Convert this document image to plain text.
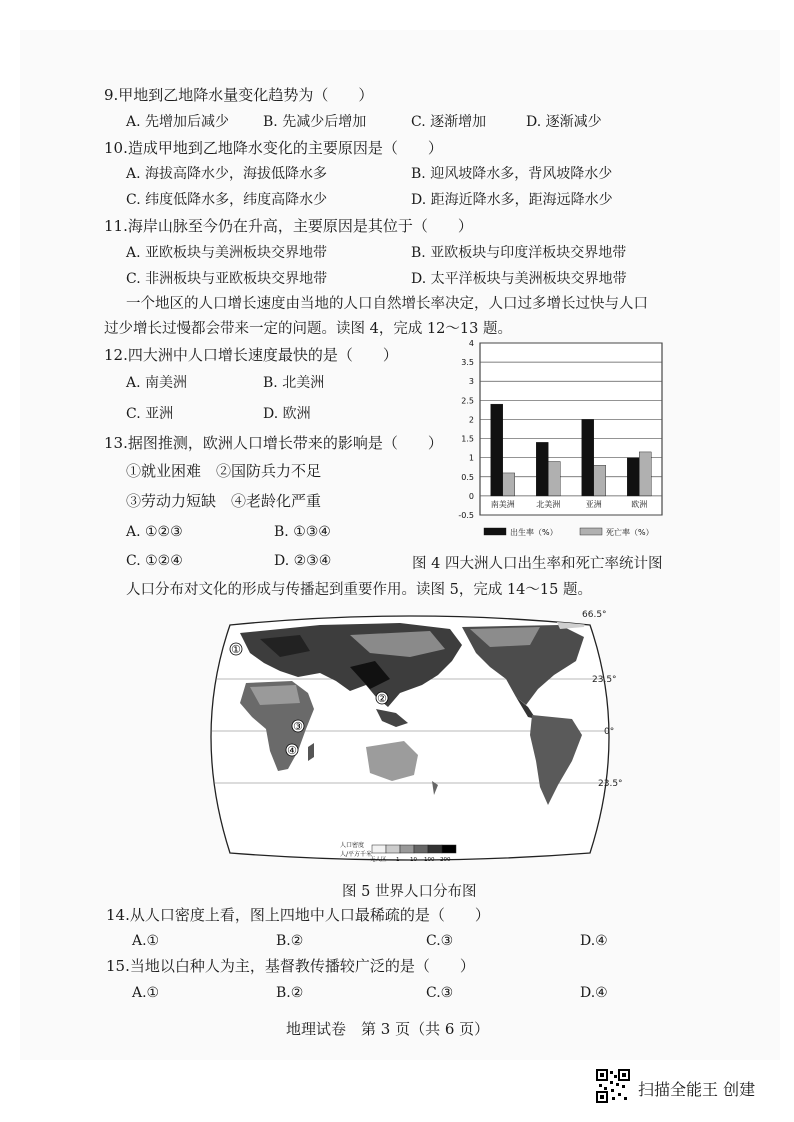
9.甲地到乙地降水量变化趋势为（　　）
A. 先增加后减少 B. 先减少后增加	C. 逐渐增加	D. 逐渐减少
10.造成甲地到乙地降水变化的主要原因是（　　）
A. 海拔高降水少，海拔低降水多	B. 迎风坡降水多，背风坡降水少
C. 纬度低降水多，纬度高降水少	D. 距海近降水多，距海远降水少
11.海岸山脉至今仍在升高，主要原因是其位于（　　）
A. 亚欧板块与美洲板块交界地带	B. 亚欧板块与印度洋板块交界地带
C. 非洲板块与亚欧板块交界地带	D. 太平洋板块与美洲板块交界地带
一个地区的人口增长速度由当地的人口自然增长率决定，人口过多增长过快与人口
过少增长过慢都会带来一定的问题。读图 4，完成 12～13 题。
12.四大洲中人口增长速度最快的是（　　）
A. 南美洲	B. 北美洲
C. 亚洲	D. 欧洲
13.据图推测，欧洲人口增长带来的影响是（　　）
①就业困难　②国防兵力不足
③劳动力短缺　④老龄化严重
A. ①②③	B. ①③④
C. ①②④	D. ②③④
4
3.5
3
2.5
2
1.5
1
0.5
0
-0.5
南美洲	北美洲	亚洲	欧洲
出生率（%）	死亡率（%）
图 4 四大洲人口出生率和死亡率统计图
人口分布对文化的形成与传播起到重要作用。读图 5，完成 14～15 题。
66.5°
23.5°
0°
23.5°
①
②
③
④
人口密度
人/平方千米
无人区 1 10 100 200
图 5 世界人口分布图
14.从人口密度上看，图上四地中人口最稀疏的是（　　）
A.①	B.②	C.③	D.④
15.当地以白种人为主，基督教传播较广泛的是（　　）
A.①	B.②	C.③	D.④
地理试卷　第 3 页（共 6 页）
扫描全能王 创建
